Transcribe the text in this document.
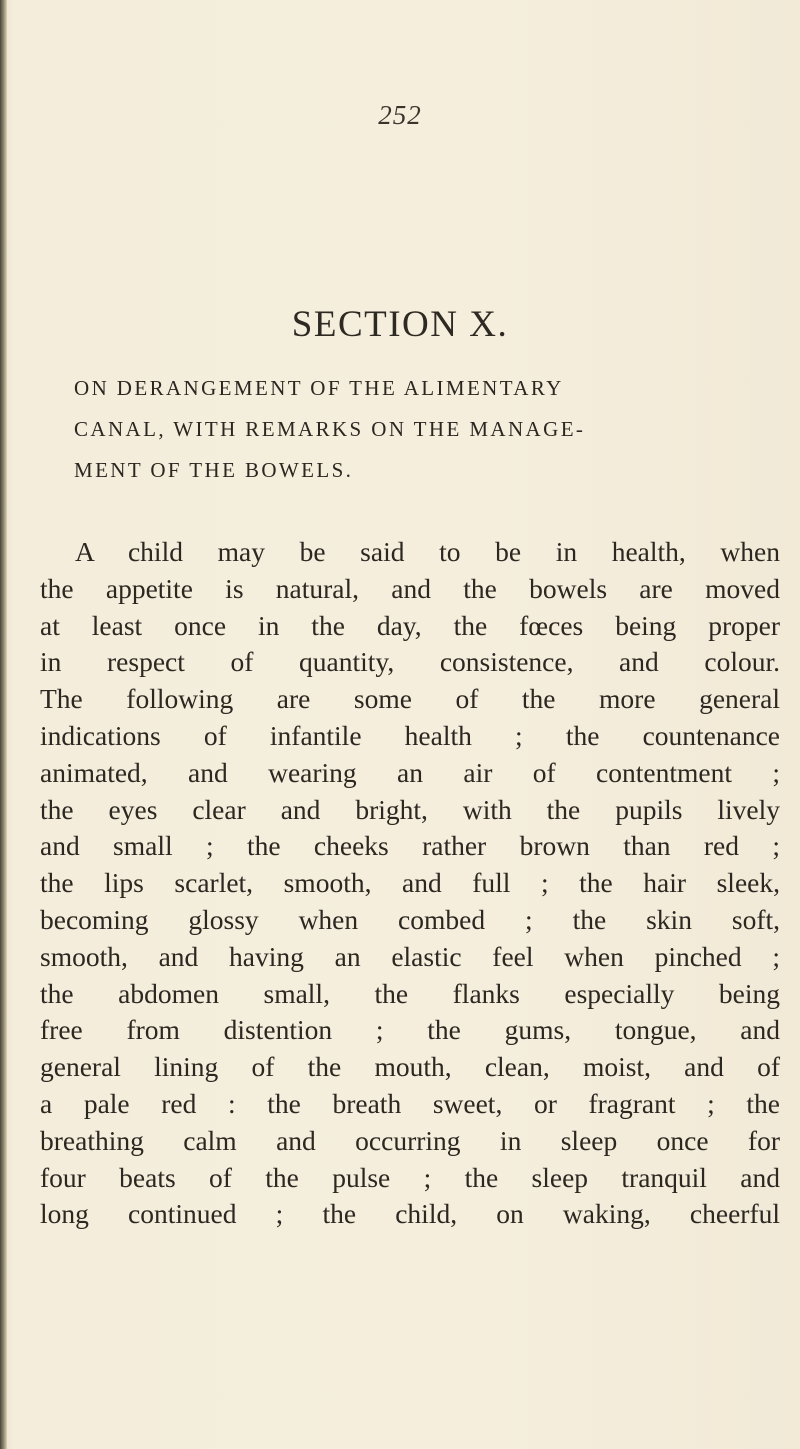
252
SECTION X.
ON DERANGEMENT OF THE ALIMENTARY
CANAL, WITH REMARKS ON THE MANAGE-
MENT OF THE BOWELS.
A child may be said to be in health, when
the appetite is natural, and the bowels are moved
at least once in the day, the fœces being proper
in respect of quantity, consistence, and colour.
The following are some of the more general
indications of infantile health ; the countenance
animated, and wearing an air of contentment ;
the eyes clear and bright, with the pupils lively
and small ; the cheeks rather brown than red ;
the lips scarlet, smooth, and full ; the hair sleek,
becoming glossy when combed ; the skin soft,
smooth, and having an elastic feel when pinched ;
the abdomen small, the flanks especially being
free from distention ; the gums, tongue, and
general lining of the mouth, clean, moist, and of
a pale red : the breath sweet, or fragrant ; the
breathing calm and occurring in sleep once for
four beats of the pulse ; the sleep tranquil and
long continued ; the child, on waking, cheerful
